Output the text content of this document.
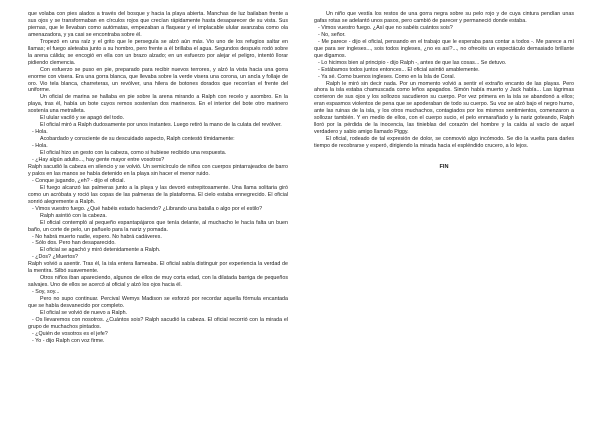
que volaba con pies alados a través del bosque y hacia la playa abierta. Manchas de luz bailaban frente a sus ojos y se transformaban en círculos rojos que crecían rápidamente hasta desaparecer de su vista. Sus piernas, que le llevaban como autómatas, empezaban a flaquear y el implacable ulular avanzaba como ola amenazadora, y ya casi se encontraba sobre él.

Tropezó en una raíz y el grito que le perseguía se alzó aún más. Vio uno de los refugios saltar en llamas; el fuego aleteaba junto a su hombro, pero frente a él brillaba el agua. Segundos después rodó sobre la arena cálida; se encogió en ella con un brazo alzado; en un esfuerzo por alejar el peligro, intentó llorar pidiendo clemencia.

Con esfuerzo se puso en pie, preparado para recibir nuevos terrores, y alzó la vista hacia una gorra enorme con visera. Era una gorra blanca, que llevaba sobre la verde visera una corona, un ancla y follaje de oro. Vio tela blanca, charreteras, un revólver, una hilera de botones dorados que recorrían el frente del uniforme.

Un oficial de marina se hallaba en pie sobre la arena mirando a Ralph con recelo y asombro. En la playa, tras él, había un bote cuyos remos sostenían dos marineros. En el interior del bote otro marinero sostenía una metralleta.

El ulular vaciló y se apagó del todo.

El oficial miró a Ralph dudosamente por unos instantes. Luego retiró la mano de la culata del revólver.

- Hola.

Acobardado y consciente de su descuidado aspecto, Ralph contestó tímidamente:

- Hola.

El oficial hizo un gesto con la cabeza, como si hubiese recibido una respuesta.

- ¿Hay algún adulto..., hay gente mayor entre vosotros?

Ralph sacudió la cabeza en silencio y se volvió. Un semicírculo de niños con cuerpos pintarrajeados de barro y palos en las manos se había detenido en la playa sin hacer el menor ruido.

- Conque jugando, ¿eh? - dijo el oficial.

El fuego alcanzó las palmeras junto a la playa y las devoró estrepitosamente. Una llama solitaria giró como un acróbata y roció las copas de las palmeras de la plataforma. El cielo estaba ennegrecido. El oficial sonrió alegremente a Ralph.

- Vimos vuestro fuego. ¿Qué habéis estado haciendo? ¿Librando una batalla o algo por el estilo?

Ralph asintió con la cabeza.

El oficial contempló al pequeño espantapájaros que tenía delante, al muchacho le hacía falta un buen baño, un corte de pelo, un pañuelo para la nariz y pomada.

- No habrá muerto nadie, espero. No habrá cadáveres.

- Sólo dos. Pero han desaparecido.

El oficial se agachó y miró detenidamente a Ralph.

- ¿Dos? ¿Muertos?

Ralph volvió a asentir. Tras él, la isla entera llameaba. El oficial sabía distinguir por experiencia la verdad de la mentira. Silbó suavemente.

Otros niños iban apareciendo, algunos de ellos de muy corta edad, con la dilatada barriga de pequeños salvajes. Uno de ellos se acercó al oficial y alzó los ojos hacia él.

- Soy, soy...

Pero no supo continuar. Percival Wemys Madison se esforzó por recordar aquella fórmula encantada que se había desvanecido por completo.

El oficial se volvió de nuevo a Ralph.

- Os llevaremos con nosotros. ¿Cuántos sois? Ralph sacudió la cabeza. El oficial recorrió con la mirada el grupo de muchachos pintados.

- ¿Quién de vosotros es el jefe?

- Yo - dijo Ralph con voz firme.

Un niño que vestía los restos de una gorra negra sobre su pelo rojo y de cuya cintura pendían unas gafas rotas se adelantó unos pasos, pero cambió de parecer y permaneció donde estaba.

- Vimos vuestro fuego. ¿Así que no sabéis cuántos sois?

- No, señor.

- Me parece - dijo el oficial, pensando en el trabajo que le esperaba para contar a todos -. Me parece a mí que para ser ingleses..., sois todos ingleses, ¿no es así?..., no ofrecéis un espectáculo demasiado brillante que digamos.

- Lo hicimos bien al principio - dijo Ralph -, antes de que las cosas... Se detuvo.

- Estábamos todos juntos entonces... El oficial asintió amablemente.

- Ya sé. Como buenos ingleses. Como en la Isla de Coral.

Ralph le miró sin decir nada. Por un momento volvió a sentir el extraño encanto de las playas. Pero ahora la isla estaba chamuscada como leños apagados. Simón había muerto y Jack había... Las lágrimas corrieron de sus ojos y los sollozos sacudieron su cuerpo. Por vez primera en la isla se abandonó a ellos; eran espasmos violentos de pena que se apoderaban de todo su cuerpo. Su voz se alzó bajo el negro humo, ante las ruinas de la isla, y los otros muchachos, contagiados por los mismos sentimientos, comenzaron a sollozar también. Y en medio de ellos, con el cuerpo sucio, el pelo enmarañado y la nariz goteando, Ralph lloró por la pérdida de la inocencia, las tinieblas del corazón del hombre y la caída al vacío de aquel verdadero y sabio amigo llamado Piggy.

El oficial, rodeado de tal expresión de dolor, se conmovió algo incómodo. Se dio la vuelta para darles tiempo de recobrarse y esperó, dirigiendo la mirada hacia el espléndido crucero, a lo lejos.

FIN
